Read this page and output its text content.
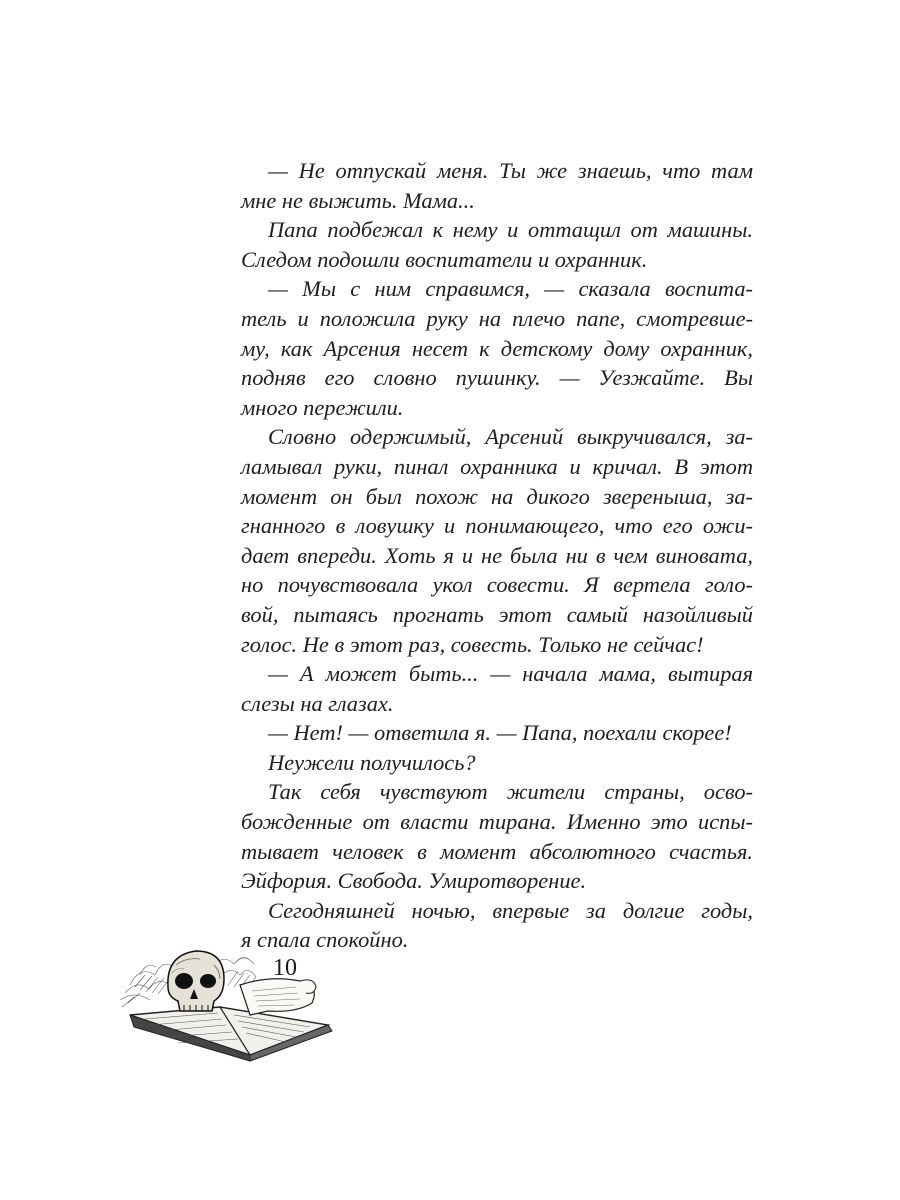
— Не отпускай меня. Ты же знаешь, что там
мне не выжить. Мама...
Папа подбежал к нему и оттащил от машины.
Следом подошли воспитатели и охранник.
— Мы с ним справимся, — сказала воспита-
тель и положила руку на плечо папе, смотревше-
му, как Арсения несет к детскому дому охранник,
подняв его словно пушинку. — Уезжайте. Вы
много пережили.
Словно одержимый, Арсений выкручивался, за-
ламывал руки, пинал охранника и кричал. В этот
момент он был похож на дикого звереныша, за-
гнанного в ловушку и понимающего, что его ожи-
дает впереди. Хоть я и не была ни в чем виновата,
но почувствовала укол совести. Я вертела голо-
вой, пытаясь прогнать этот самый назойливый
голос. Не в этот раз, совесть. Только не сейчас!
— А может быть... — начала мама, вытирая
слезы на глазах.
— Нет! — ответила я. — Папа, поехали скорее!
Неужели получилось?
Так себя чувствуют жители страны, осво-
божденные от власти тирана. Именно это испы-
тывает человек в момент абсолютного счастья.
Эйфория. Свобода. Умиротворение.
Сегодняшней ночью, впервые за долгие годы,
я спала спокойно.
10
